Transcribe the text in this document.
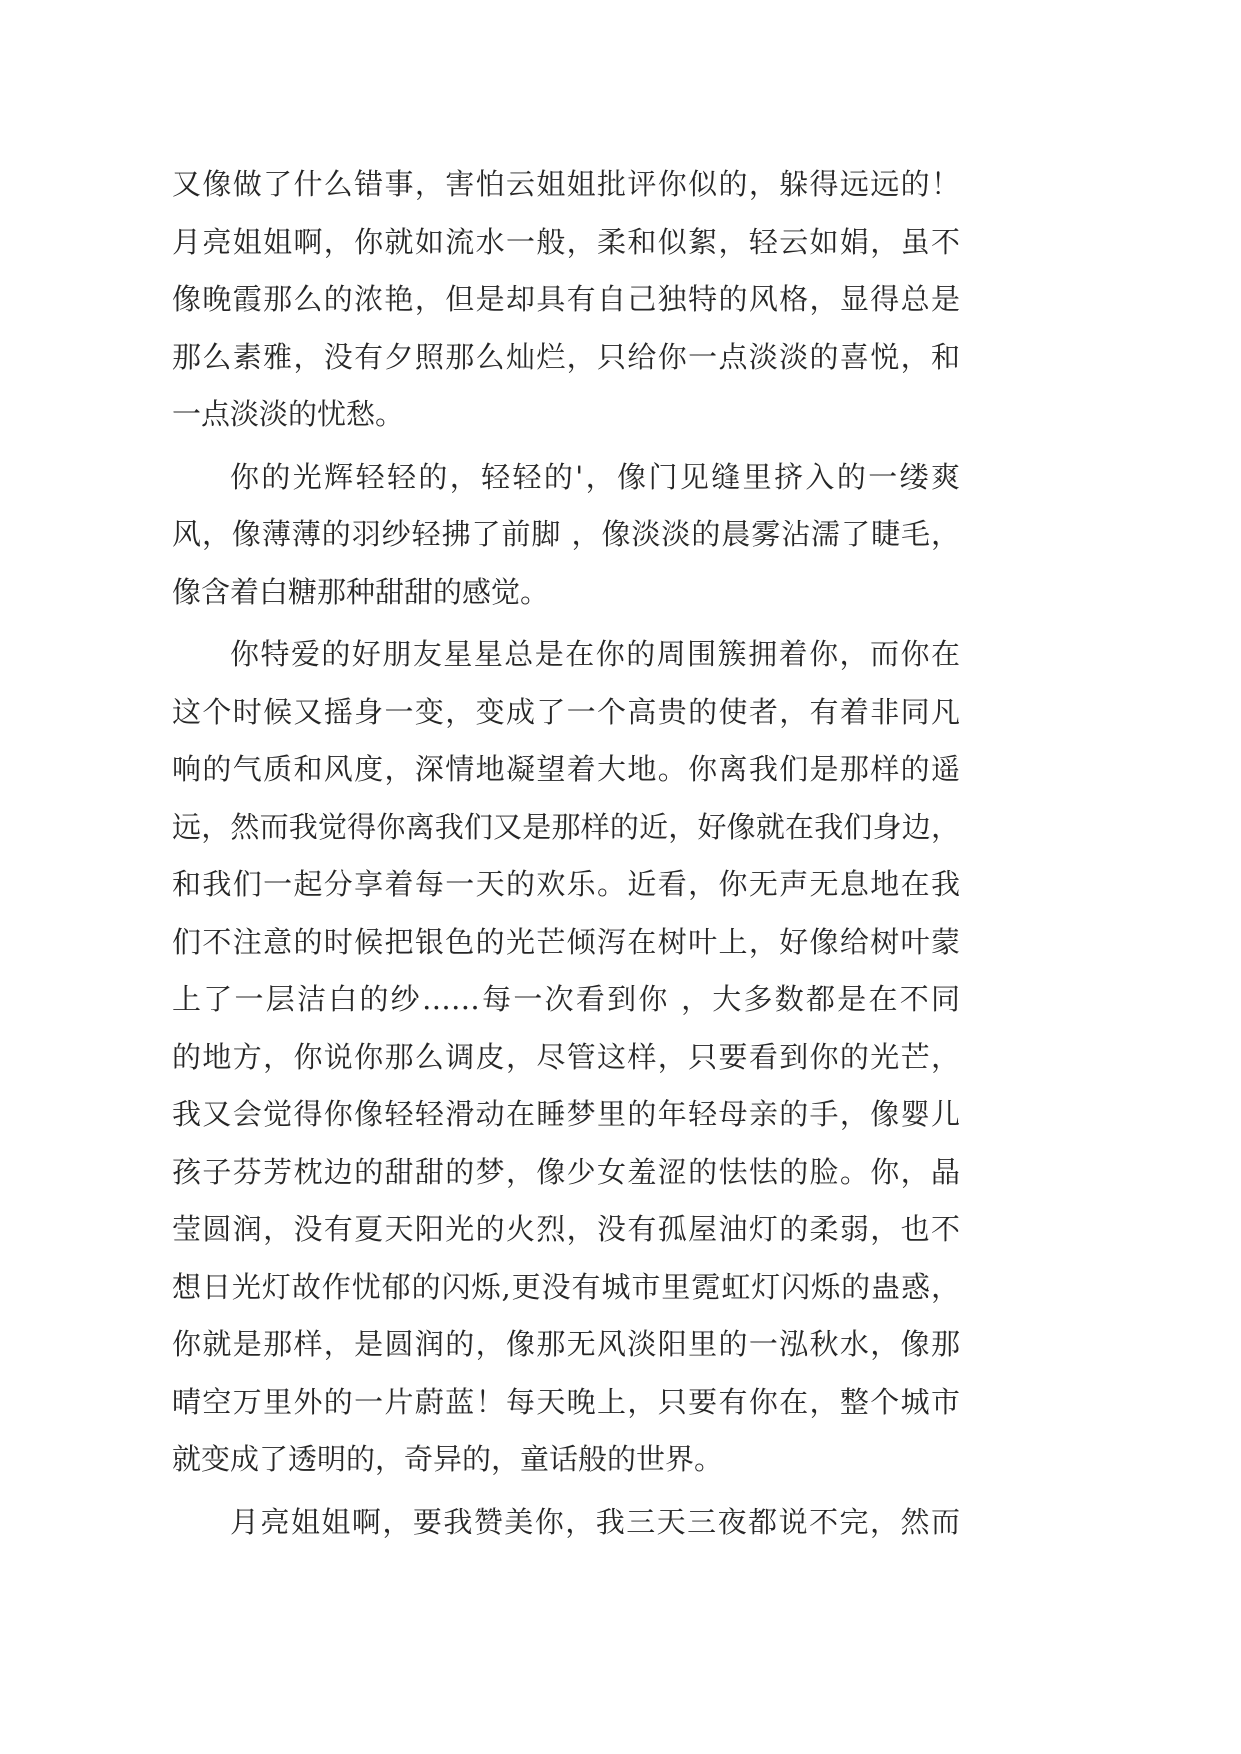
又像做了什么错事，害怕云姐姐批评你似的，躲得远远的！
月亮姐姐啊，你就如流水一般，柔和似絮，轻云如娟，虽不
像晚霞那么的浓艳，但是却具有自己独特的风格，显得总是
那么素雅，没有夕照那么灿烂，只给你一点淡淡的喜悦，和
一点淡淡的忧愁。
你的光辉轻轻的，轻轻的'，像门见缝里挤入的一缕爽
风，像薄薄的羽纱轻拂了前脚 ，像淡淡的晨雾沾濡了睫毛，
像含着白糖那种甜甜的感觉。
你特爱的好朋友星星总是在你的周围簇拥着你，而你在
这个时候又摇身一变，变成了一个高贵的使者，有着非同凡
响的气质和风度，深情地凝望着大地。你离我们是那样的遥
远，然而我觉得你离我们又是那样的近，好像就在我们身边，
和我们一起分享着每一天的欢乐。近看，你无声无息地在我
们不注意的时候把银色的光芒倾泻在树叶上，好像给树叶蒙
上了一层洁白的纱……每一次看到你 ，大多数都是在不同
的地方，你说你那么调皮，尽管这样，只要看到你的光芒，
我又会觉得你像轻轻滑动在睡梦里的年轻母亲的手，像婴儿
孩子芬芳枕边的甜甜的梦，像少女羞涩的怯怯的脸。你，晶
莹圆润，没有夏天阳光的火烈，没有孤屋油灯的柔弱，也不
想日光灯故作忧郁的闪烁,更没有城市里霓虹灯闪烁的蛊惑，
你就是那样，是圆润的，像那无风淡阳里的一泓秋水，像那
晴空万里外的一片蔚蓝！每天晚上，只要有你在，整个城市
就变成了透明的，奇异的，童话般的世界。
月亮姐姐啊，要我赞美你，我三天三夜都说不完，然而
